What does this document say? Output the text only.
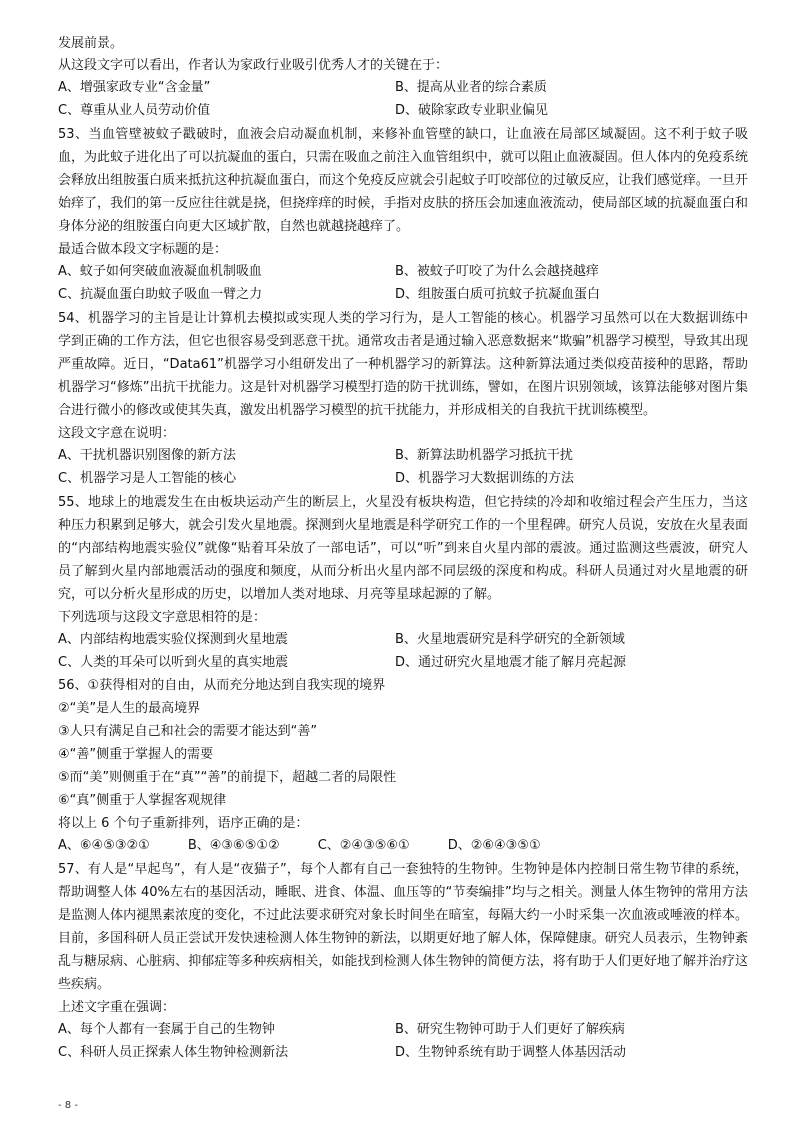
发展前景。
从这段文字可以看出，作者认为家政行业吸引优秀人才的关键在于：
A、增强家政专业“含金量”	B、提高从业者的综合素质
C、尊重从业人员劳动价值	D、破除家政专业职业偏见
53、当血管壁被蚊子戳破时，血液会启动凝血机制，来修补血管壁的缺口，让血液在局部区域凝固。这不利于蚊子吸血，为此蚊子进化出了可以抗凝血的蛋白，只需在吸血之前注入血管组织中，就可以阻止血液凝固。但人体内的免疫系统会释放出组胺蛋白质来抵抗这种抗凝血蛋白，而这个免疫反应就会引起蚊子叮咬部位的过敏反应，让我们感觉痒。一旦开始痒了，我们的第一反应往往就是挠，但挠痒痒的时候，手指对皮肤的挤压会加速血液流动，使局部区域的抗凝血蛋白和身体分泌的组胺蛋白向更大区域扩散，自然也就越挠越痒了。
最适合做本段文字标题的是：
A、蚊子如何突破血液凝血机制吸血	B、被蚊子叮咬了为什么会越挠越痒
C、抗凝血蛋白助蚊子吸血一臂之力	D、组胺蛋白质可抗蚊子抗凝血蛋白
54、机器学习的主旨是让计算机去模拟或实现人类的学习行为，是人工智能的核心。机器学习虽然可以在大数据训练中学到正确的工作方法，但它也很容易受到恶意干扰。通常攻击者是通过输入恶意数据来“欺骗”机器学习模型，导致其出现严重故障。近日，“Data61”机器学习小组研发出了一种机器学习的新算法。这种新算法通过类似疫苗接种的思路，帮助机器学习“修炼”出抗干扰能力。这是针对机器学习模型打造的防干扰训练，譬如，在图片识别领域，该算法能够对图片集合进行微小的修改或使其失真，激发出机器学习模型的抗干扰能力，并形成相关的自我抗干扰训练模型。
这段文字意在说明：
A、干扰机器识别图像的新方法	B、新算法助机器学习抵抗干扰
C、机器学习是人工智能的核心	D、机器学习大数据训练的方法
55、地球上的地震发生在由板块运动产生的断层上，火星没有板块构造，但它持续的冷却和收缩过程会产生压力，当这种压力积累到足够大，就会引发火星地震。探测到火星地震是科学研究工作的一个里程碑。研究人员说，安放在火星表面的“内部结构地震实验仪”就像“贴着耳朵放了一部电话”，可以“听”到来自火星内部的震波。通过监测这些震波，研究人员了解到火星内部地震活动的强度和频度，从而分析出火星内部不同层级的深度和构成。科研人员通过对火星地震的研究，可以分析火星形成的历史，以增加人类对地球、月亮等星球起源的了解。
下列选项与这段文字意思相符的是：
A、内部结构地震实验仪探测到火星地震	B、火星地震研究是科学研究的全新领域
C、人类的耳朵可以听到火星的真实地震	D、通过研究火星地震才能了解月亮起源
56、①获得相对的自由，从而充分地达到自我实现的境界
②“美”是人生的最高境界
③人只有满足自己和社会的需要才能达到“善”
④“善”侧重于掌握人的需要
⑤而“美”则侧重于在“真”“善”的前提下，超越二者的局限性
⑥“真”侧重于人掌握客观规律
将以上 6 个句子重新排列，语序正确的是：
A、⑥④⑤③②①	B、④③⑥⑤①②	C、②④③⑤⑥①	D、②⑥④③⑤①
57、有人是“早起鸟”，有人是“夜猫子”，每个人都有自己一套独特的生物钟。生物钟是体内控制日常生物节律的系统，帮助调整人体 40%左右的基因活动，睡眠、进食、体温、血压等的“节奏编排”均与之相关。测量人体生物钟的常用方法是监测人体内褪黑素浓度的变化，不过此法要求研究对象长时间坐在暗室，每隔大约一小时采集一次血液或唾液的样本。目前，多国科研人员正尝试开发快速检测人体生物钟的新法，以期更好地了解人体，保障健康。研究人员表示，生物钟紊乱与糖尿病、心脏病、抑郁症等多种疾病相关，如能找到检测人体生物钟的简便方法，将有助于人们更好地了解并治疗这些疾病。
上述文字重在强调：
A、每个人都有一套属于自己的生物钟	B、研究生物钟可助于人们更好了解疾病
C、科研人员正探索人体生物钟检测新法	D、生物钟系统有助于调整人体基因活动
- 8 -
